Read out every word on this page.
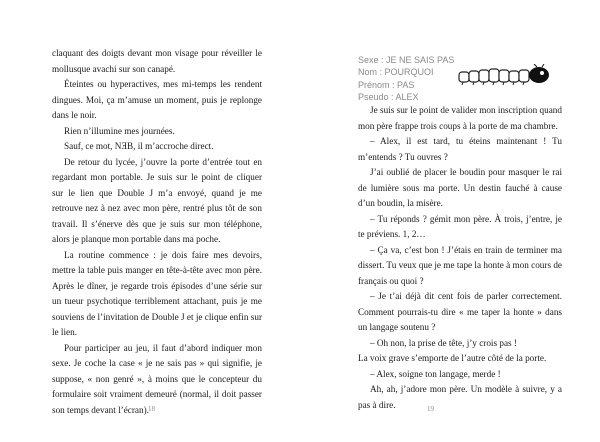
claquant des doigts devant mon visage pour réveiller le mollusque avachi sur son canapé.

Éteintes ou hyperactives, mes mi-temps les rendent dingues. Moi, ça m’amuse un moment, puis je replonge dans le noir.

Rien n’illumine mes journées.

Sauf, ce mot, NƎB, il m’accroche direct.

De retour du lycée, j’ouvre la porte d’entrée tout en regardant mon portable. Je suis sur le point de cliquer sur le lien que Double J m’a envoyé, quand je me retrouve nez à nez avec mon père, rentré plus tôt de son travail. Il s’énerve dès que je suis sur mon téléphone, alors je planque mon portable dans ma poche.

La routine commence : je dois faire mes devoirs, mettre la table puis manger en tête-à-tête avec mon père. Après le dîner, je regarde trois épisodes d’une série sur un tueur psychotique terriblement attachant, puis je me souviens de l’invitation de Double J et je clique enfin sur le lien.

Pour participer au jeu, il faut d’abord indiquer mon sexe. Je coche la case « je ne sais pas » qui signifie, je suppose, « non genré », à moins que le concepteur du formulaire soit vraiment demeuré (normal, il doit passer son temps devant l’écran). 18
Sexe : JE NE SAIS PAS
Nom : POURQUOI
Prénom : PAS
Pseudo : ALEX

Je suis sur le point de valider mon inscription quand mon père frappe trois coups à la porte de ma chambre.

– Alex, il est tard, tu éteins maintenant ! Tu m’entends ? Tu ouvres ?

J’ai oublié de placer le boudin pour masquer le rai de lumière sous ma porte. Un destin fauché à cause d’un boudin, la misère.

– Tu réponds ? gémit mon père. À trois, j’entre, je te préviens. 1, 2…

– Ça va, c’est bon ! J’étais en train de terminer ma dissert. Tu veux que je me tape la honte à mon cours de français ou quoi ?

– Je t’ai déjà dit cent fois de parler correctement. Comment pourrais-tu dire « me taper la honte » dans un langage soutenu ?

– Oh non, la prise de tête, j’y crois pas !

La voix grave s’emporte de l’autre côté de la porte.

– Alex, soigne ton langage, merde !

Ah, ah, j’adore mon père. Un modèle à suivre, y a pas à dire.	19
